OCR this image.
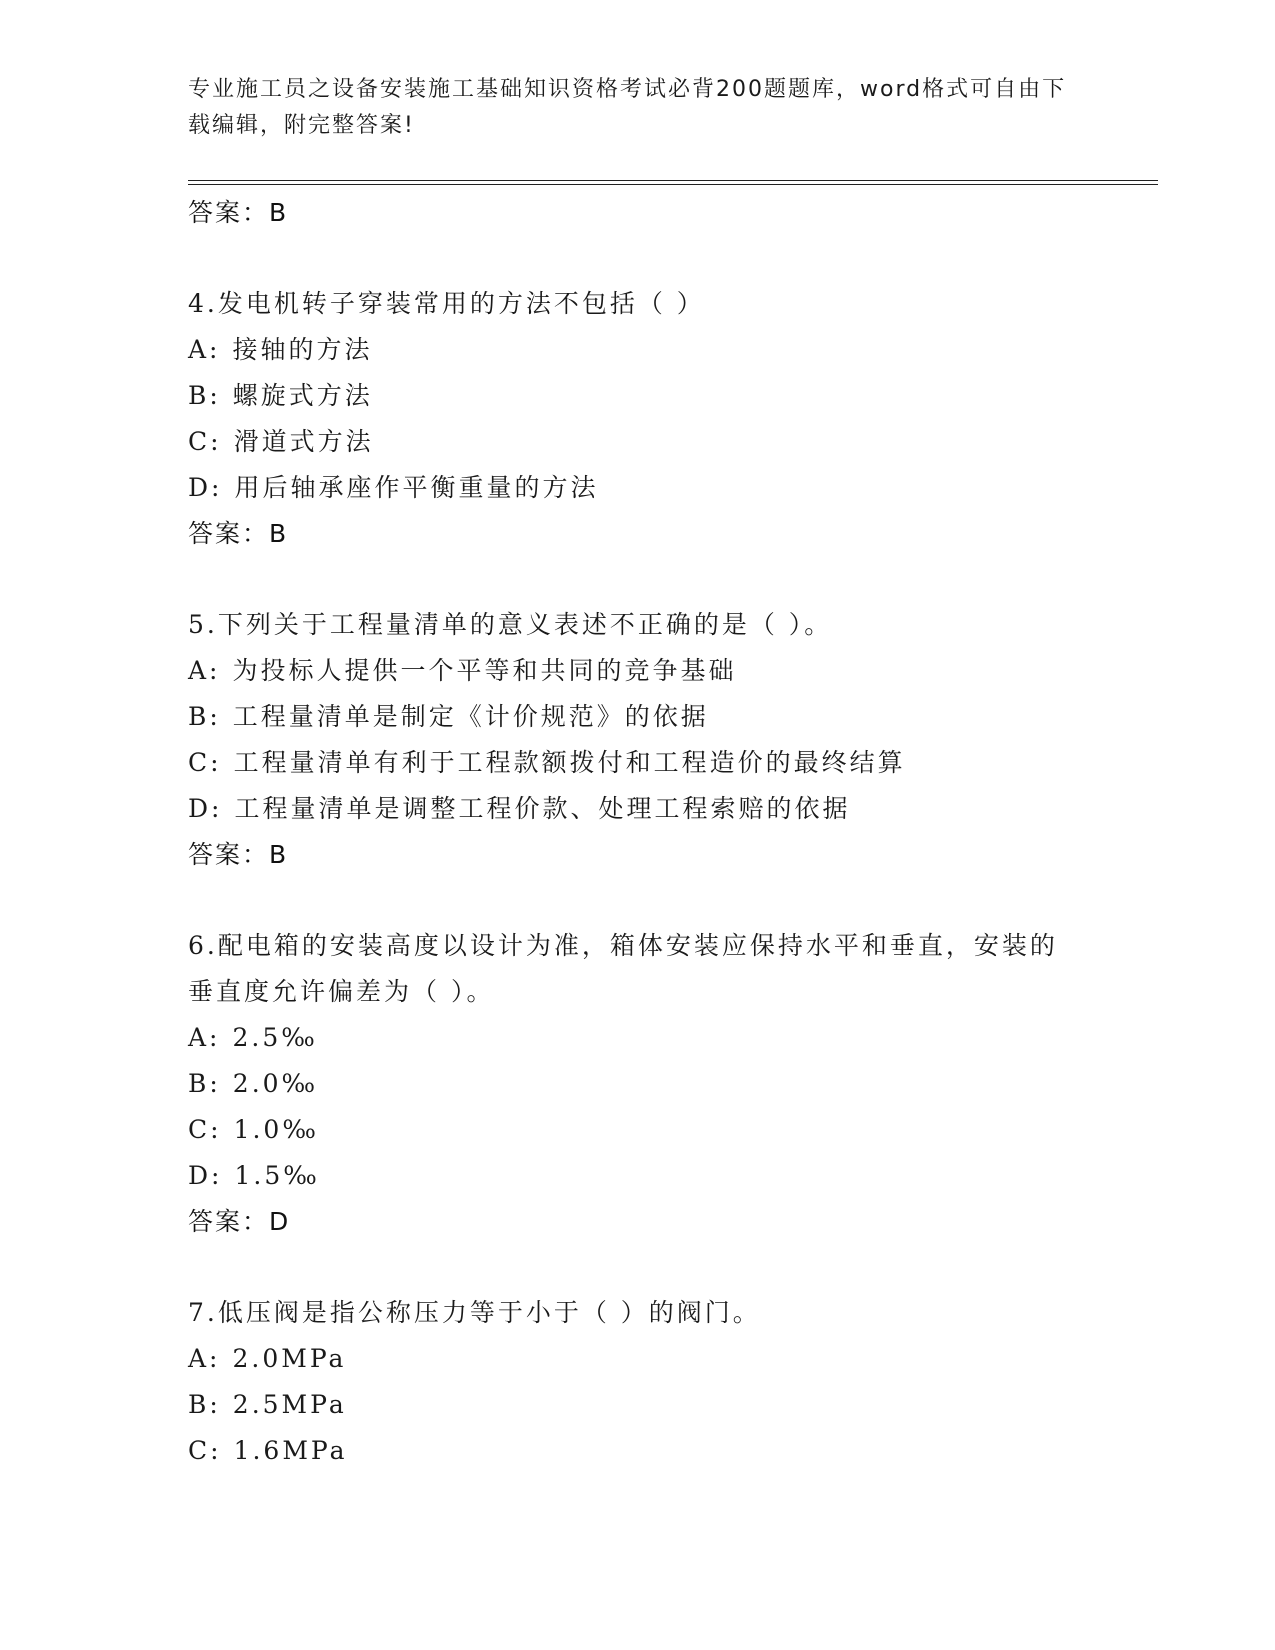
专业施工员之设备安装施工基础知识资格考试必背200题题库，word格式可自由下载编辑，附完整答案!
答案：B
4.发电机转子穿装常用的方法不包括（ ）
A: 接轴的方法
B: 螺旋式方法
C: 滑道式方法
D: 用后轴承座作平衡重量的方法
答案：B
5.下列关于工程量清单的意义表述不正确的是（ ）。
A: 为投标人提供一个平等和共同的竞争基础
B: 工程量清单是制定《计价规范》的依据
C: 工程量清单有利于工程款额拨付和工程造价的最终结算
D: 工程量清单是调整工程价款、处理工程索赔的依据
答案：B
6.配电箱的安装高度以设计为准，箱体安装应保持水平和垂直，安装的垂直度允许偏差为（ ）。
A: 2.5‰
B: 2.0‰
C: 1.0‰
D: 1.5‰
答案：D
7.低压阀是指公称压力等于小于（ ）的阀门。
A: 2.0MPa
B: 2.5MPa
C: 1.6MPa
